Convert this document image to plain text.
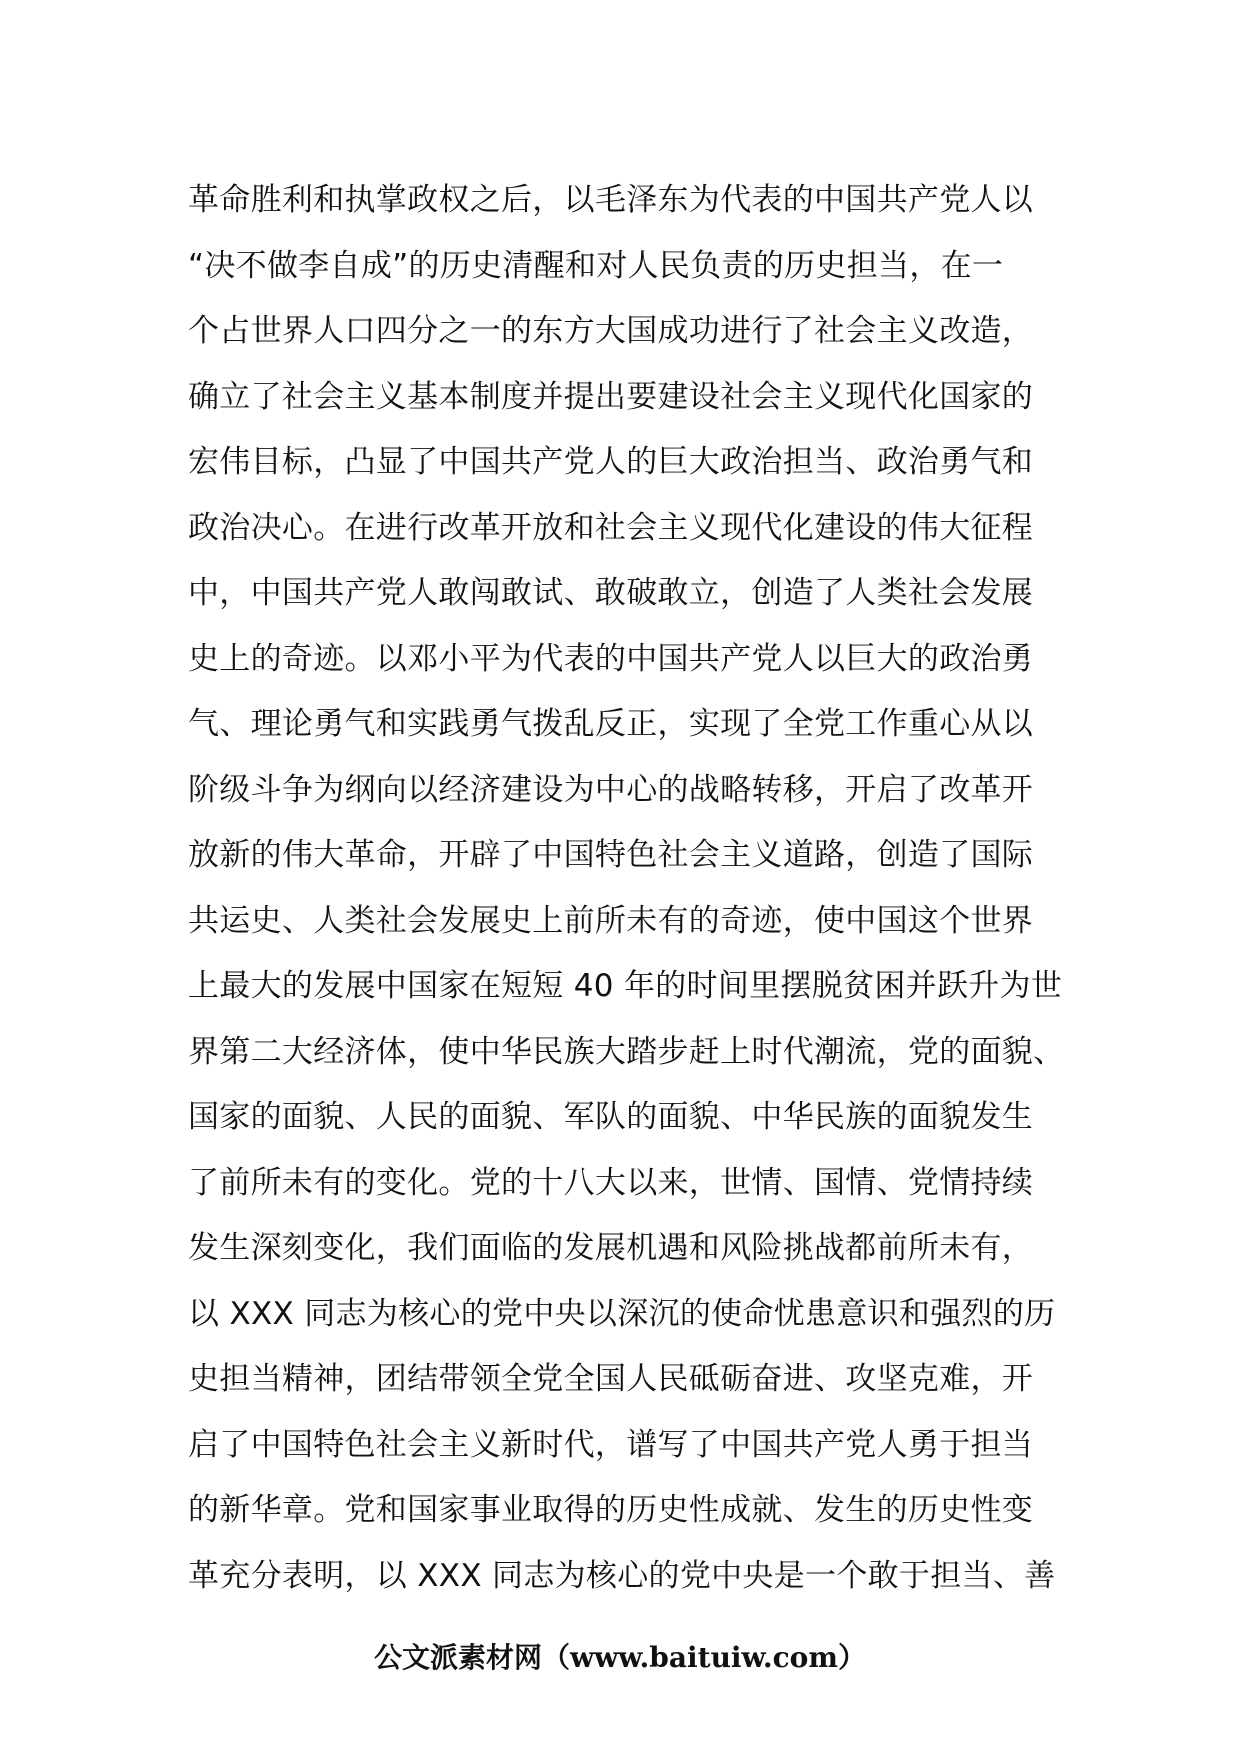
革命胜利和执掌政权之后，以毛泽东为代表的中国共产党人以
“决不做李自成”的历史清醒和对人民负责的历史担当，在一
个占世界人口四分之一的东方大国成功进行了社会主义改造，
确立了社会主义基本制度并提出要建设社会主义现代化国家的
宏伟目标，凸显了中国共产党人的巨大政治担当、政治勇气和
政治决心。在进行改革开放和社会主义现代化建设的伟大征程
中，中国共产党人敢闯敢试、敢破敢立，创造了人类社会发展
史上的奇迹。以邓小平为代表的中国共产党人以巨大的政治勇
气、理论勇气和实践勇气拨乱反正，实现了全党工作重心从以
阶级斗争为纲向以经济建设为中心的战略转移，开启了改革开
放新的伟大革命，开辟了中国特色社会主义道路，创造了国际
共运史、人类社会发展史上前所未有的奇迹，使中国这个世界
上最大的发展中国家在短短 40 年的时间里摆脱贫困并跃升为世
界第二大经济体，使中华民族大踏步赶上时代潮流，党的面貌、
国家的面貌、人民的面貌、军队的面貌、中华民族的面貌发生
了前所未有的变化。党的十八大以来，世情、国情、党情持续
发生深刻变化，我们面临的发展机遇和风险挑战都前所未有，
以 XXX 同志为核心的党中央以深沉的使命忧患意识和强烈的历
史担当精神，团结带领全党全国人民砥砺奋进、攻坚克难，开
启了中国特色社会主义新时代，谱写了中国共产党人勇于担当
的新华章。党和国家事业取得的历史性成就、发生的历史性变
革充分表明，以 XXX 同志为核心的党中央是一个敢于担当、善
公文派素材网（www.baituiw.com）
